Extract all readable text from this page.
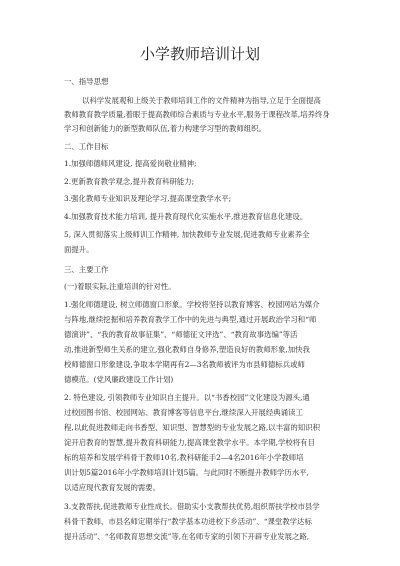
小学教师培训计划
一、指导思想
以科学发展观和上级关于教师培训工作的文件精神为指导,立足于全面提高
教师教育教学质量,着眼于提高教师综合素质与专业水平,服务于课程改革,培养终身
学习和创新能力的新型教师队伍,着力构建学习型的教师组织。
二、工作目标
1.加强师德师风建设, 提高爱岗敬业精神;
2.更新教育教学观念,提升教育科研能力;
3.强化教师专业知识及理论学习,提高课堂教学水平;
4.加强教育技术能力培训, 提升教育现代化实施水平,推进教育信息化建设。
5, 深入贯彻落实上级师训工作精神, 加快教师专业发展,促进教师专业素养全
面提升。
三、主要工作
(一)着眼实际,注重培训的针对性。
1.强化师德建设, 树立师德窗口形象。学校将坚持以教育博客、校园网站为媒介
与阵地,继续挖掘和培养教育教学工作中的先进与典型,通过开展政治学习和“师
德演讲”、“我的教育故事征集”、“师德征文评选”、“教育故事选编”等活
动,推进新型师生关系的建立,强化教师自身修养,塑造良好的教师形象,加快我
校师德窗口形象建设,争取本学期再有2—3名教师被评为市县师德标兵或师
德模范。(党风廉政建设工作计划)
2. 特色建设, 引领教师专业知识自主提升。以“书香校园”文化建设为源头,通
过校园图书馆、校园网站、教育博客等信息平台,继续深入开展经典诵读工
程,以此促进教师走向书香型、知识型、智慧型的专业发展之路,以丰富的知识积
淀开启教育的智慧,提升教育科研能力,提高课堂教学水平。本学期,学校将有目
标的培养和发展学科骨干教师10名,教科研能手2—4名2016年小学教师培
训计划5篇2016年小学教师培训计划5篇。与此同时不断提升教师学历水平,
以适应现代教育发展的需要。
3.支教帮扶,促进教师专业性成长。借助实小支教帮扶优势,组织帮扶学校市县学
科骨干教师、市县名师定期举行“教学基本功进校下乡活动”、“课堂教学达标
提升活动”、“名师教育思想交流”等,在名师专家的引领下开辟专业发展之路,
